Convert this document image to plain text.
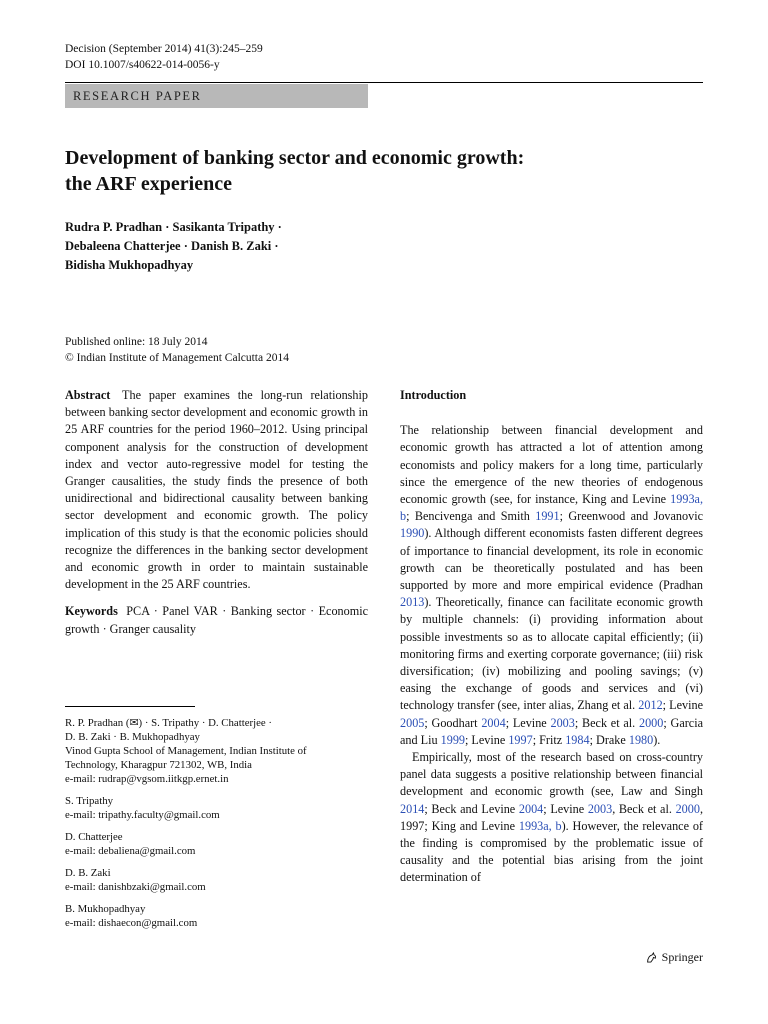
Decision (September 2014) 41(3):245–259
DOI 10.1007/s40622-014-0056-y
RESEARCH PAPER
Development of banking sector and economic growth:
the ARF experience
Rudra P. Pradhan · Sasikanta Tripathy ·
Debaleena Chatterjee · Danish B. Zaki ·
Bidisha Mukhopadhyay
Published online: 18 July 2014
© Indian Institute of Management Calcutta 2014
Abstract The paper examines the long-run relationship between banking sector development and economic growth in 25 ARF countries for the period 1960–2012. Using principal component analysis for the construction of development index and vector auto-regressive model for testing the Granger causalities, the study finds the presence of both unidirectional and bidirectional causality between banking sector development and economic growth. The policy implication of this study is that the economic policies should recognize the differences in the banking sector development and economic growth in order to maintain sustainable development in the 25 ARF countries.
Keywords PCA · Panel VAR · Banking sector · Economic growth · Granger causality
R. P. Pradhan (✉) · S. Tripathy · D. Chatterjee ·
D. B. Zaki · B. Mukhopadhyay
Vinod Gupta School of Management, Indian Institute of
Technology, Kharagpur 721302, WB, India
e-mail: rudrap@vgsom.iitkgp.ernet.in
S. Tripathy
e-mail: tripathy.faculty@gmail.com
D. Chatterjee
e-mail: debaliena@gmail.com
D. B. Zaki
e-mail: danishbzaki@gmail.com
B. Mukhopadhyay
e-mail: dishaecon@gmail.com
Introduction

The relationship between financial development and economic growth has attracted a lot of attention among economists and policy makers for a long time, particularly since the emergence of the new theories of endogenous economic growth (see, for instance, King and Levine 1993a, b; Bencivenga and Smith 1991; Greenwood and Jovanovic 1990). Although different economists fasten different degrees of importance to financial development, its role in economic growth can be theoretically postulated and has been supported by more and more empirical evidence (Pradhan 2013). Theoretically, finance can facilitate economic growth by multiple channels: (i) providing information about possible investments so as to allocate capital efficiently; (ii) monitoring firms and exerting corporate governance; (iii) risk diversification; (iv) mobilizing and pooling savings; (v) easing the exchange of goods and services and (vi) technology transfer (see, inter alias, Zhang et al. 2012; Levine 2005; Goodhart 2004; Levine 2003; Beck et al. 2000; Garcia and Liu 1999; Levine 1997; Fritz 1984; Drake 1980).

Empirically, most of the research based on cross-country panel data suggests a positive relationship between financial development and economic growth (see, Law and Singh 2014; Beck and Levine 2004; Levine 2003, Beck et al. 2000, 1997; King and Levine 1993a, b). However, the relevance of the finding is compromised by the problematic issue of causality and the potential bias arising from the joint determination of

Springer
